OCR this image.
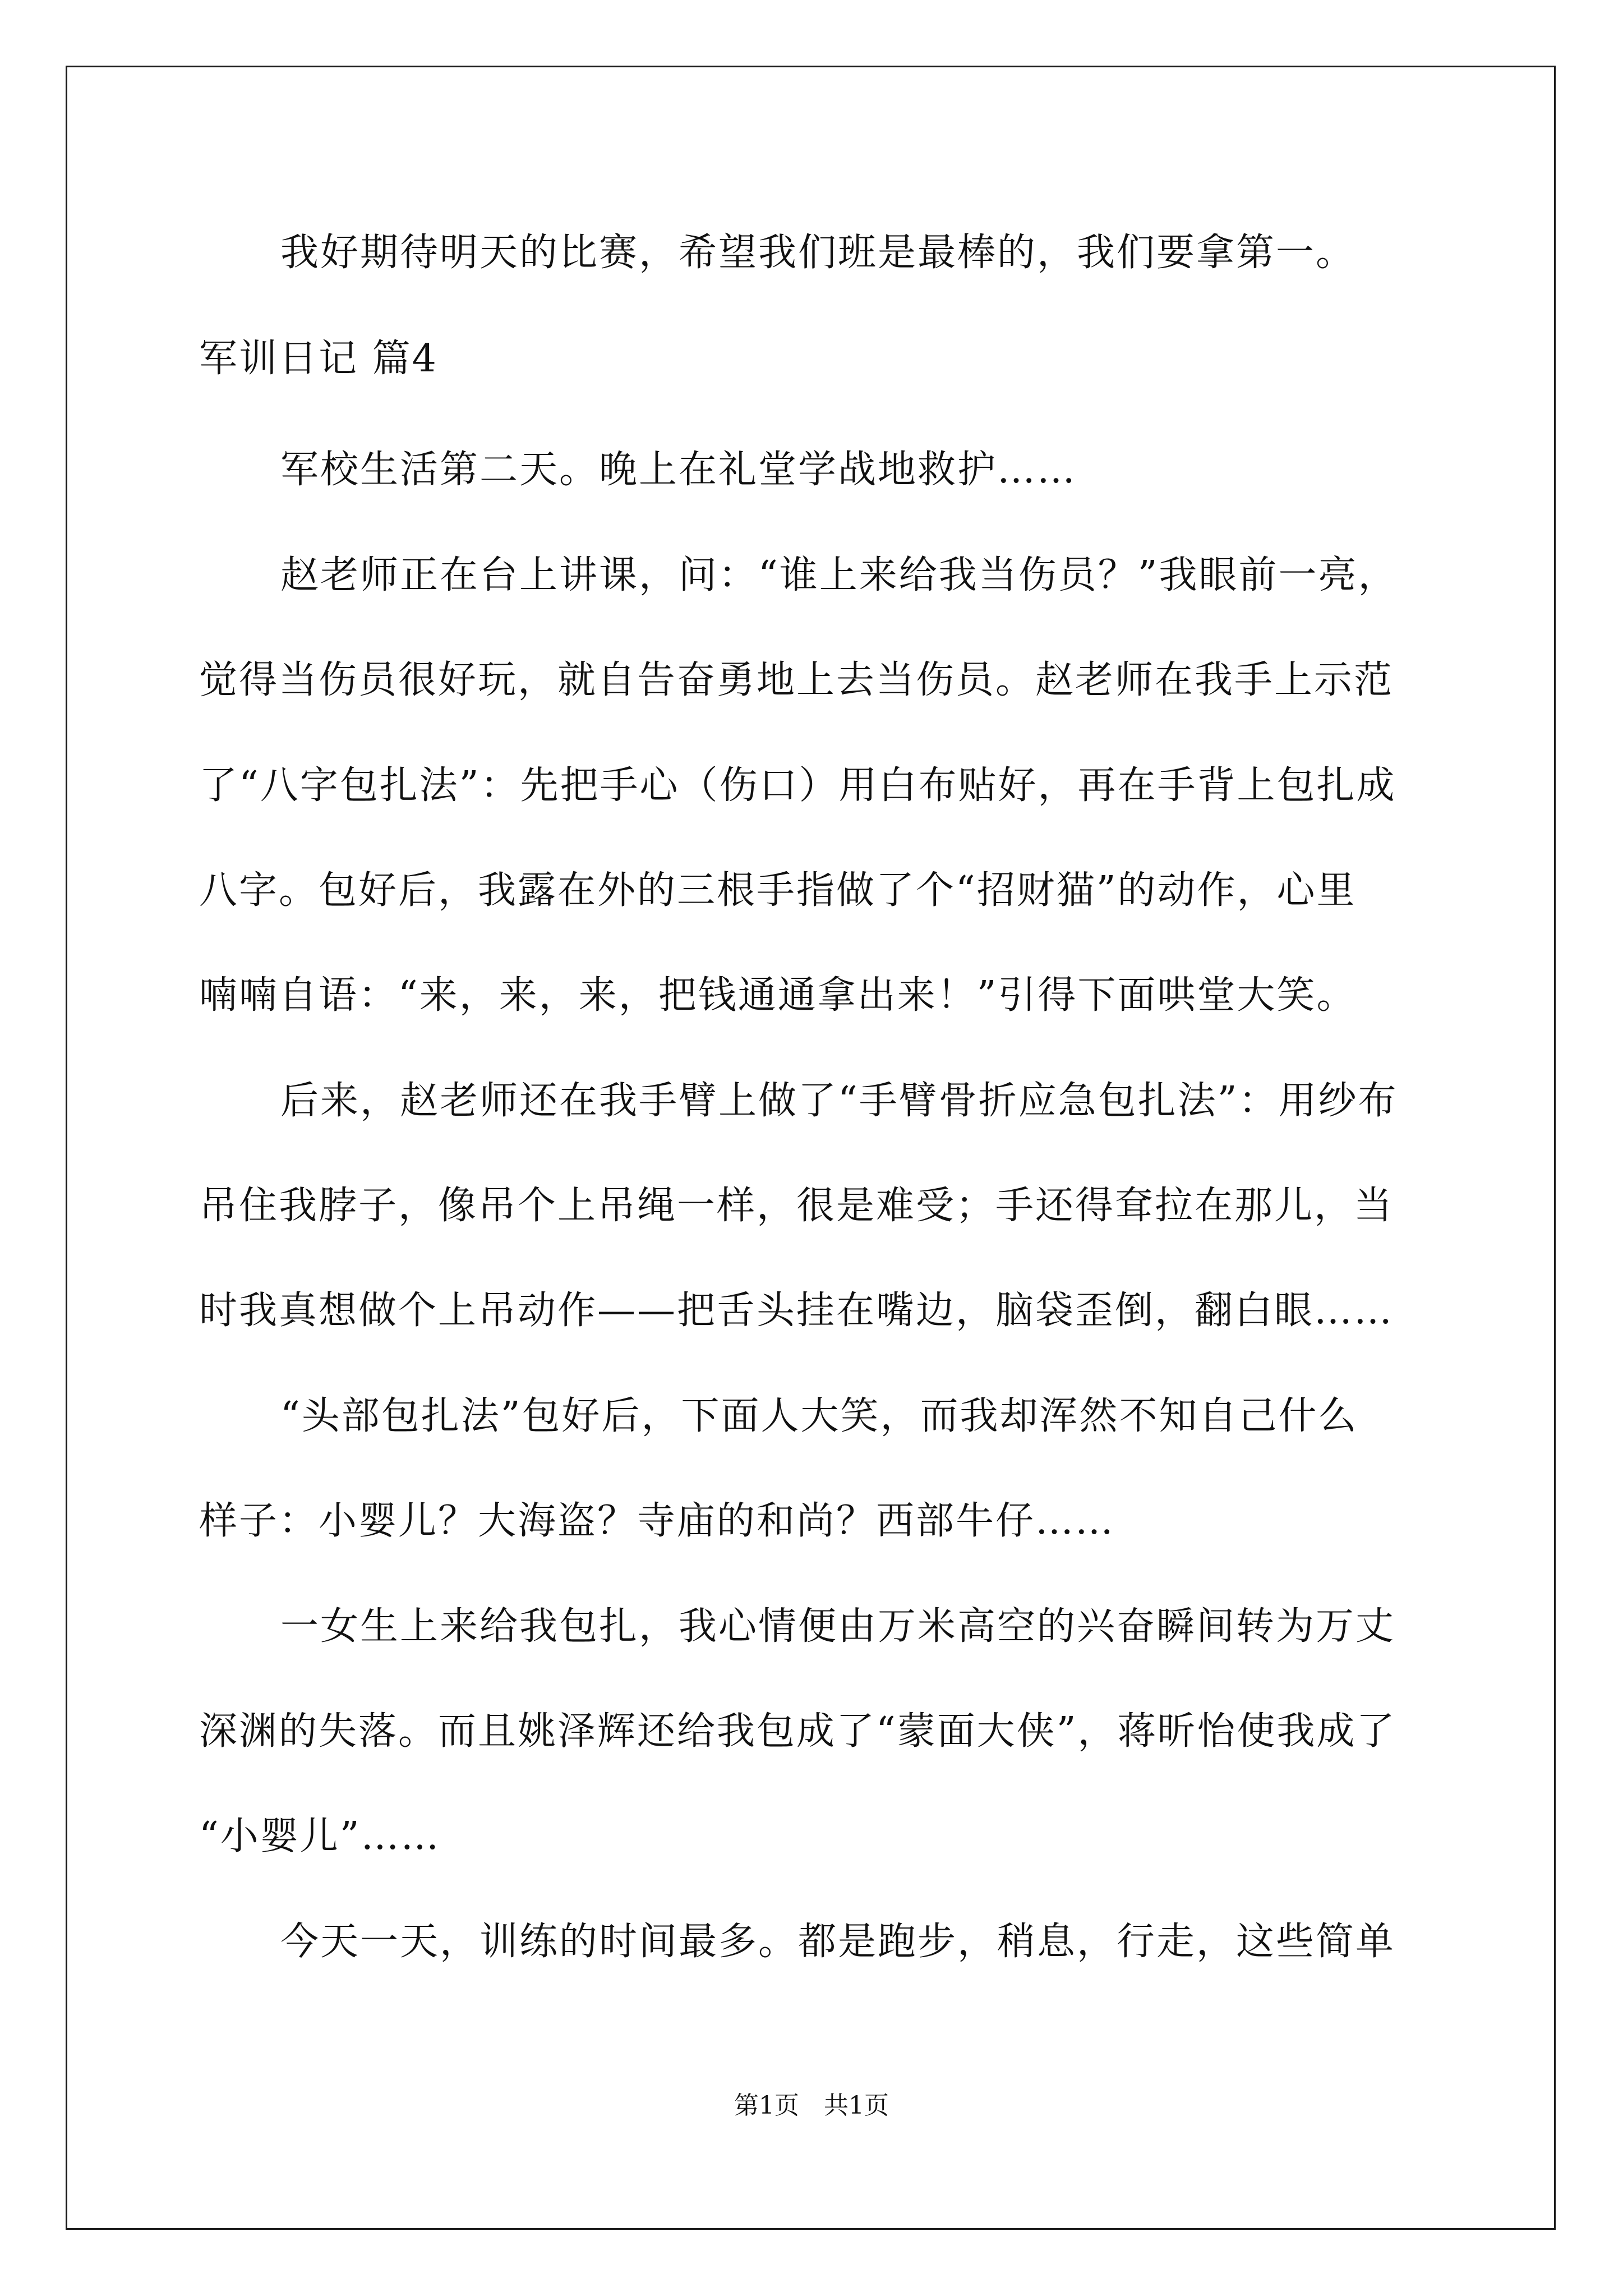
我好期待明天的比赛，希望我们班是最棒的，我们要拿第一。
军训日记 篇4
军校生活第二天。晚上在礼堂学战地救护……
赵老师正在台上讲课，问：“谁上来给我当伤员？”我眼前一亮，
觉得当伤员很好玩，就自告奋勇地上去当伤员。赵老师在我手上示范
了“八字包扎法”：先把手心（伤口）用白布贴好，再在手背上包扎成
八字。包好后，我露在外的三根手指做了个“招财猫”的动作，心里
喃喃自语：“来，来，来，把钱通通拿出来！”引得下面哄堂大笑。
后来，赵老师还在我手臂上做了“手臂骨折应急包扎法”：用纱布
吊住我脖子，像吊个上吊绳一样，很是难受；手还得耷拉在那儿，当
时我真想做个上吊动作——把舌头挂在嘴边，脑袋歪倒，翻白眼……
“头部包扎法”包好后，下面人大笑，而我却浑然不知自己什么
样子：小婴儿？大海盗？寺庙的和尚？西部牛仔……
一女生上来给我包扎，我心情便由万米高空的兴奋瞬间转为万丈
深渊的失落。而且姚泽辉还给我包成了“蒙面大侠”，蒋昕怡使我成了
“小婴儿”……
今天一天，训练的时间最多。都是跑步，稍息，行走，这些简单
第1页　共1页
